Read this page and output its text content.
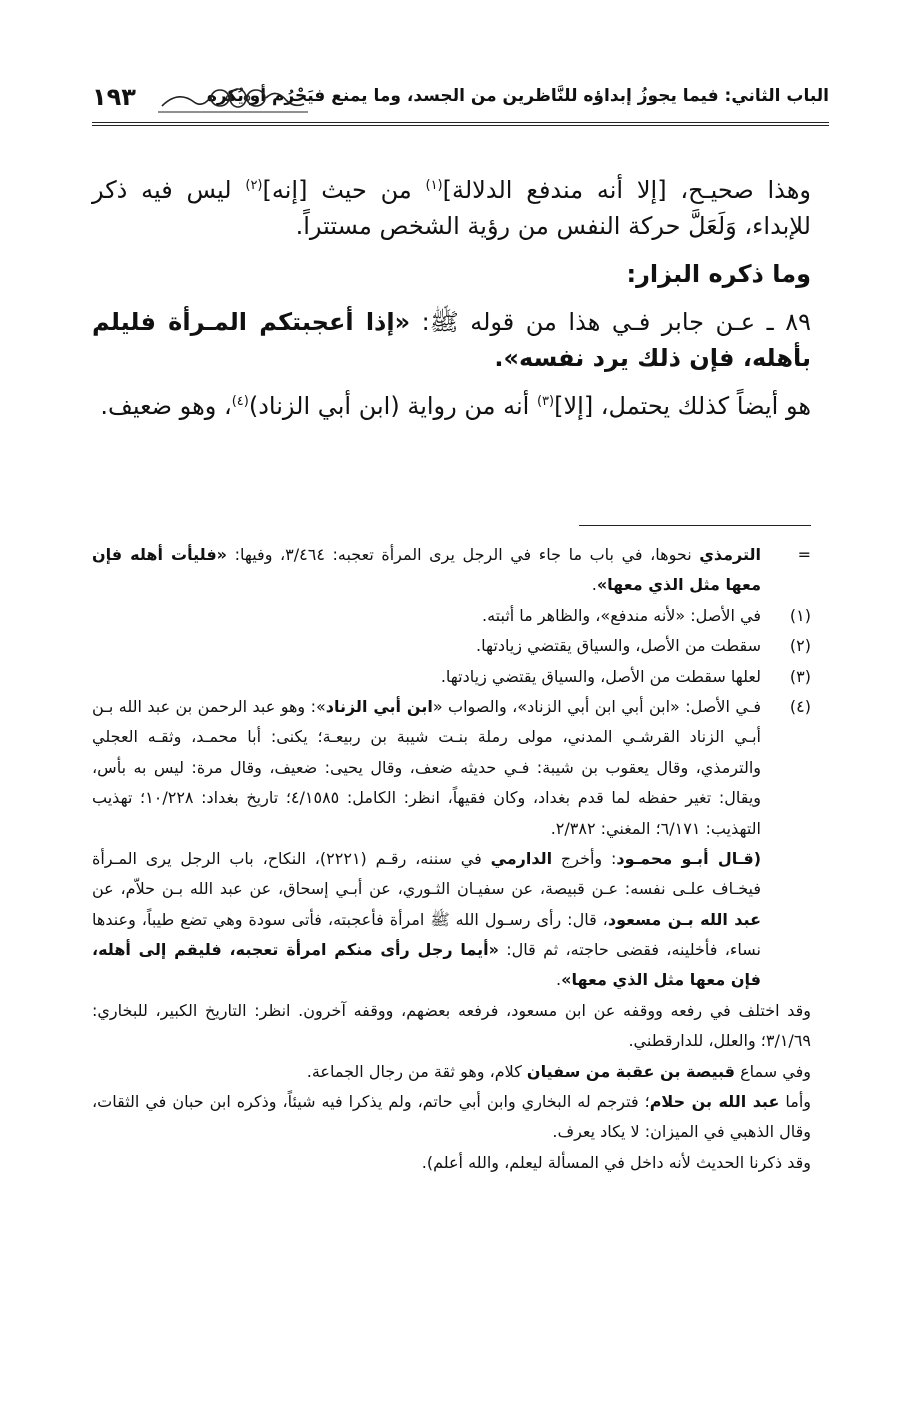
الباب الثاني: فيما يجوزُ إبداؤه للنَّاظرين من الجسد، وما يمنع فيَحْرُم أو يُكره
١٩٣

وهذا صحيـح، [إلا أنه مندفع الدلالة]$^{(١)}$ من حيث [إنه]$^{(٢)}$ ليس فيه ذكر للإبداء، وَلَعَلَّ حركة النفس من رؤية الشخص مستتراً.

وما ذكره البزار:

٨٩ ـ عـن جابر فـي هذا من قوله ﷺ: «إذا أعجبتكم المـرأة فليلم بأهله، فإن ذلك يرد نفسه».

هو أيضاً كذلك يحتمل، [إلا]$^{(٣)}$ أنه من رواية (ابن أبي الزناد)$^{(٤)}$، وهو ضعيف.

=
الترمذي نحوها، في باب ما جاء في الرجل يرى المرأة تعجبه: ٣/٤٦٤، وفيها: «فليأت أهله فإن معها مثل الذي معها».
(١)
في الأصل: «لأنه مندفع»، والظاهر ما أثبته.
(٢)
سقطت من الأصل، والسياق يقتضي زيادتها.
(٣)
لعلها سقطت من الأصل، والسياق يقتضي زيادتها.
(٤)
فـي الأصل: «ابن أبي ابن أبي الزناد»، والصواب «ابن أبي الزناد»: وهو عبد الرحمن بن عبد الله بـن أبـي الزناد القرشـي المدني، مولى رملة بنـت شيبة بن ربيعـة؛ يكنى: أبا محمـد، وثقـه العجلي والترمذي، وقال يعقوب بن شيبة: فـي حديثه ضعف، وقال يحيى: ضعيف، وقال مرة: ليس به بأس، ويقال: تغير حفظه لما قدم بغداد، وكان فقيهاً، انظر: الكامل: ٤/١٥٨٥؛ تاريخ بغداد: ١٠/٢٢٨؛ تهذيب التهذيب: ٦/١٧١؛ المغني: ٢/٣٨٢.
(قـال أبـو محمـود: وأخرج الدارمي في سننه، رقـم (٢٢٢١)، النكاح، باب الرجل يرى المـرأة فيخـاف علـى نفسه: عـن قبيصة، عن سفيـان الثـوري، عن أبـي إسحاق، عن عبد الله بـن حلاّم، عن عبد الله بـن مسعود، قال: رأى رسـول الله ﷺ امرأة فأعجبته، فأتى سودة وهي تضع طيباً، وعندها نساء، فأخلينه، فقضى حاجته، ثم قال: «أيما رجل رأى منكم امرأة تعجبه، فليقم إلى أهله، فإن معها مثل الذي معها».
وقد اختلف في رفعه ووقفه عن ابن مسعود، فرفعه بعضهم، ووقفه آخرون. انظر: التاريخ الكبير، للبخاري: ٣/١/٦٩؛ والعلل، للدارقطني.
وفي سماع قبيصة بن عقبة من سفيان كلام، وهو ثقة من رجال الجماعة.
وأما عبد الله بن حلام؛ فترجم له البخاري وابن أبي حاتم، ولم يذكرا فيه شيئاً، وذكره ابن حبان في الثقات، وقال الذهبي في الميزان: لا يكاد يعرف.
وقد ذكرنا الحديث لأنه داخل في المسألة ليعلم، والله أعلم).
